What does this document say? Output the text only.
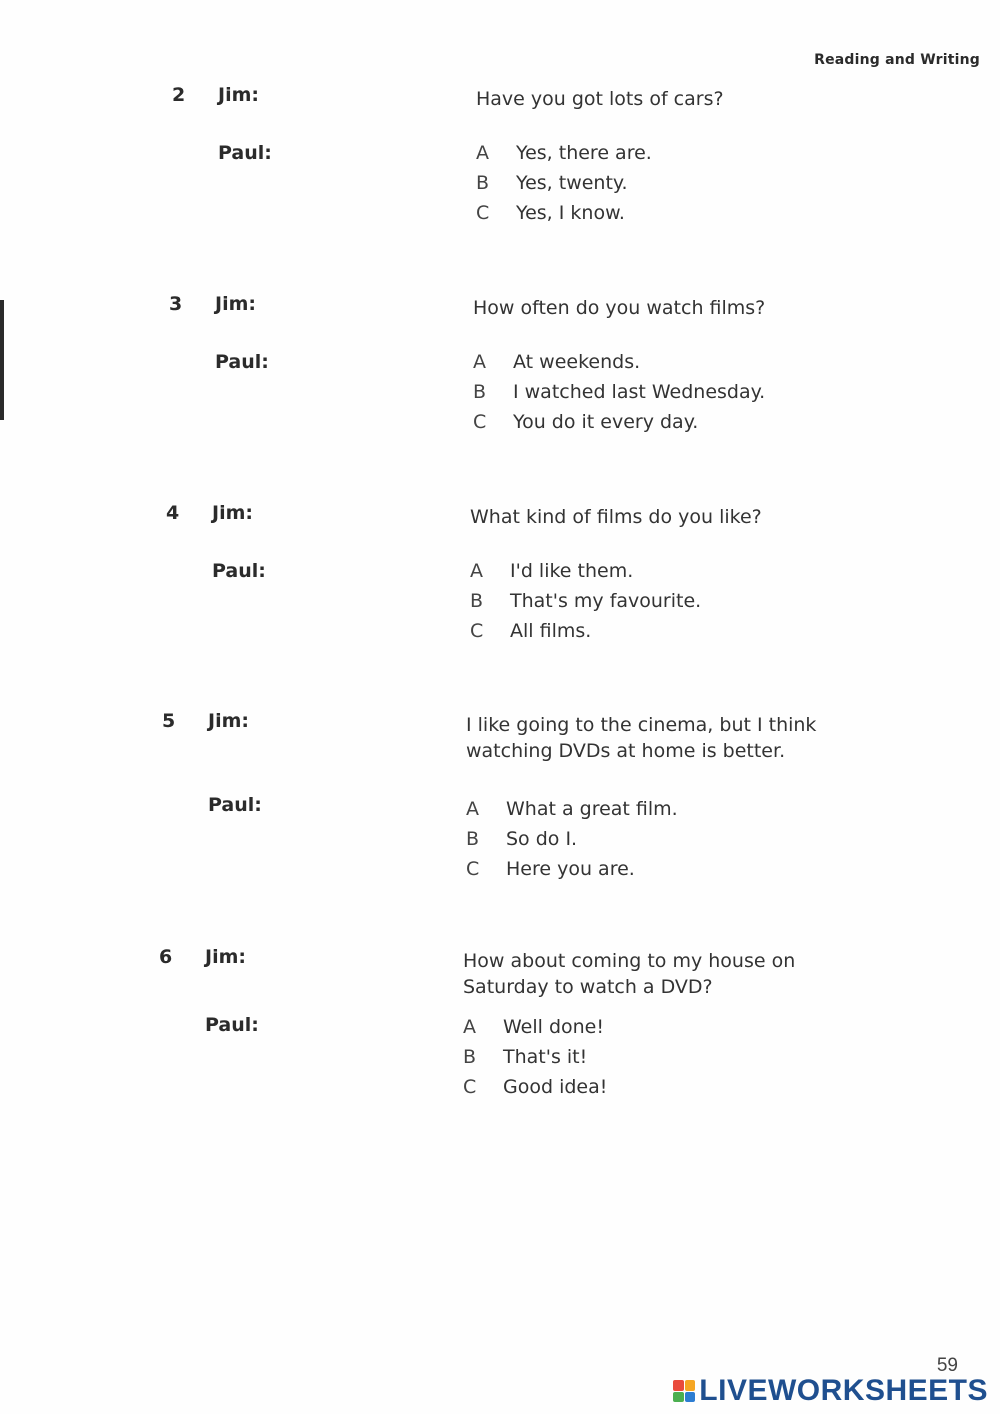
Reading and Writing
2 Jim:	Have you got lots of cars?
Paul:	A Yes, there are.
B Yes, twenty.
C Yes, I know.
3 Jim:	How often do you watch films?
Paul:	A At weekends.
B I watched last Wednesday.
C You do it every day.
4 Jim:	What kind of films do you like?
Paul:	A I'd like them.
B That's my favourite.
C All films.
5 Jim:	I like going to the cinema, but I think watching DVDs at home is better.
Paul:	A What a great film.
B So do I.
C Here you are.
6 Jim:	How about coming to my house on Saturday to watch a DVD?
Paul:	A Well done!
B That's it!
C Good idea!
59
LIVEWORKSHEETS
